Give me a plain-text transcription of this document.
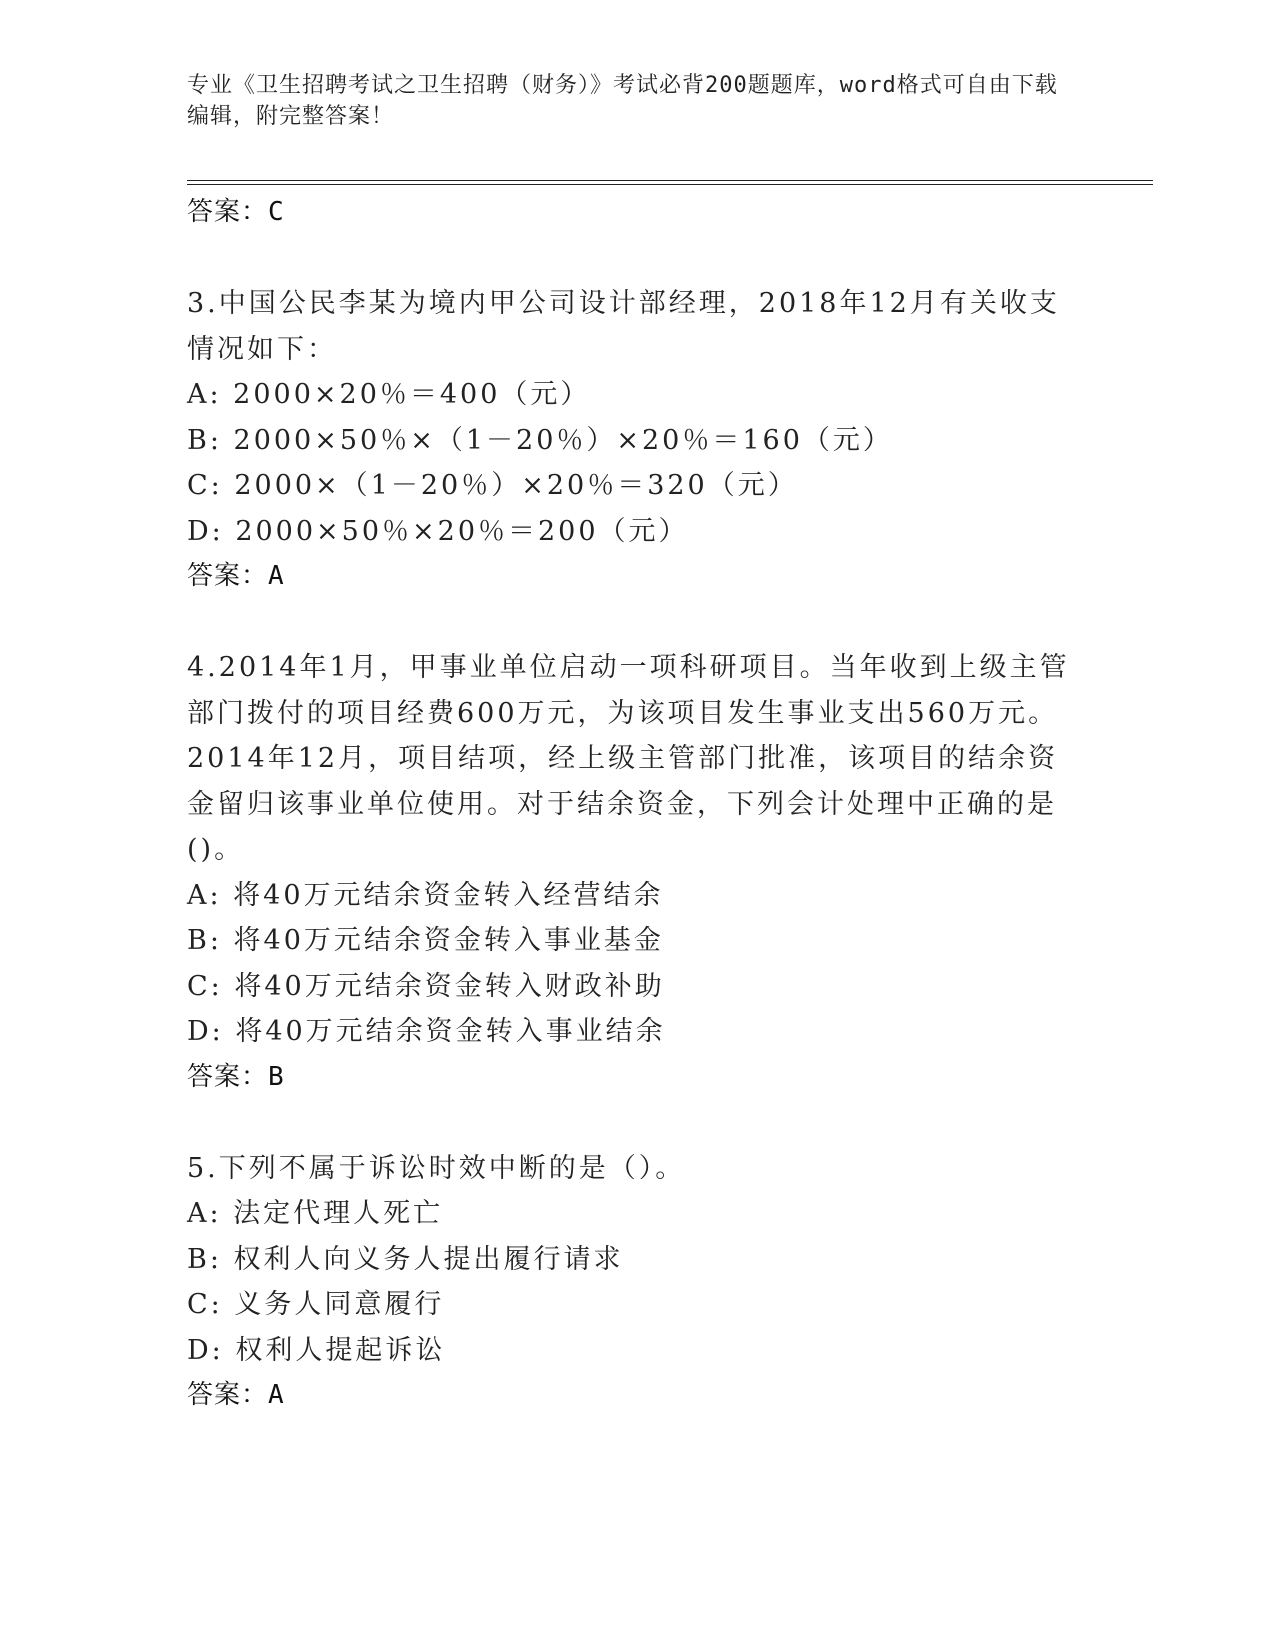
专业《卫生招聘考试之卫生招聘（财务）》考试必背200题题库，word格式可自由下载编辑，附完整答案！

答案：C

3.中国公民李某为境内甲公司设计部经理，2018年12月有关收支情况如下：

A: 2000×20％＝400（元）

B: 2000×50％×（1－20％）×20％＝160（元）

C: 2000×（1－20％）×20％＝320（元）

D: 2000×50％×20％＝200（元）

答案：A

4.2014年1月，甲事业单位启动一项科研项目。当年收到上级主管部门拨付的项目经费600万元，为该项目发生事业支出560万元。2014年12月，项目结项，经上级主管部门批准，该项目的结余资金留归该事业单位使用。对于结余资金，下列会计处理中正确的是()。

A: 将40万元结余资金转入经营结余

B: 将40万元结余资金转入事业基金

C: 将40万元结余资金转入财政补助

D: 将40万元结余资金转入事业结余

答案：B

5.下列不属于诉讼时效中断的是（）。

A: 法定代理人死亡

B: 权利人向义务人提出履行请求

C: 义务人同意履行

D: 权利人提起诉讼

答案：A
